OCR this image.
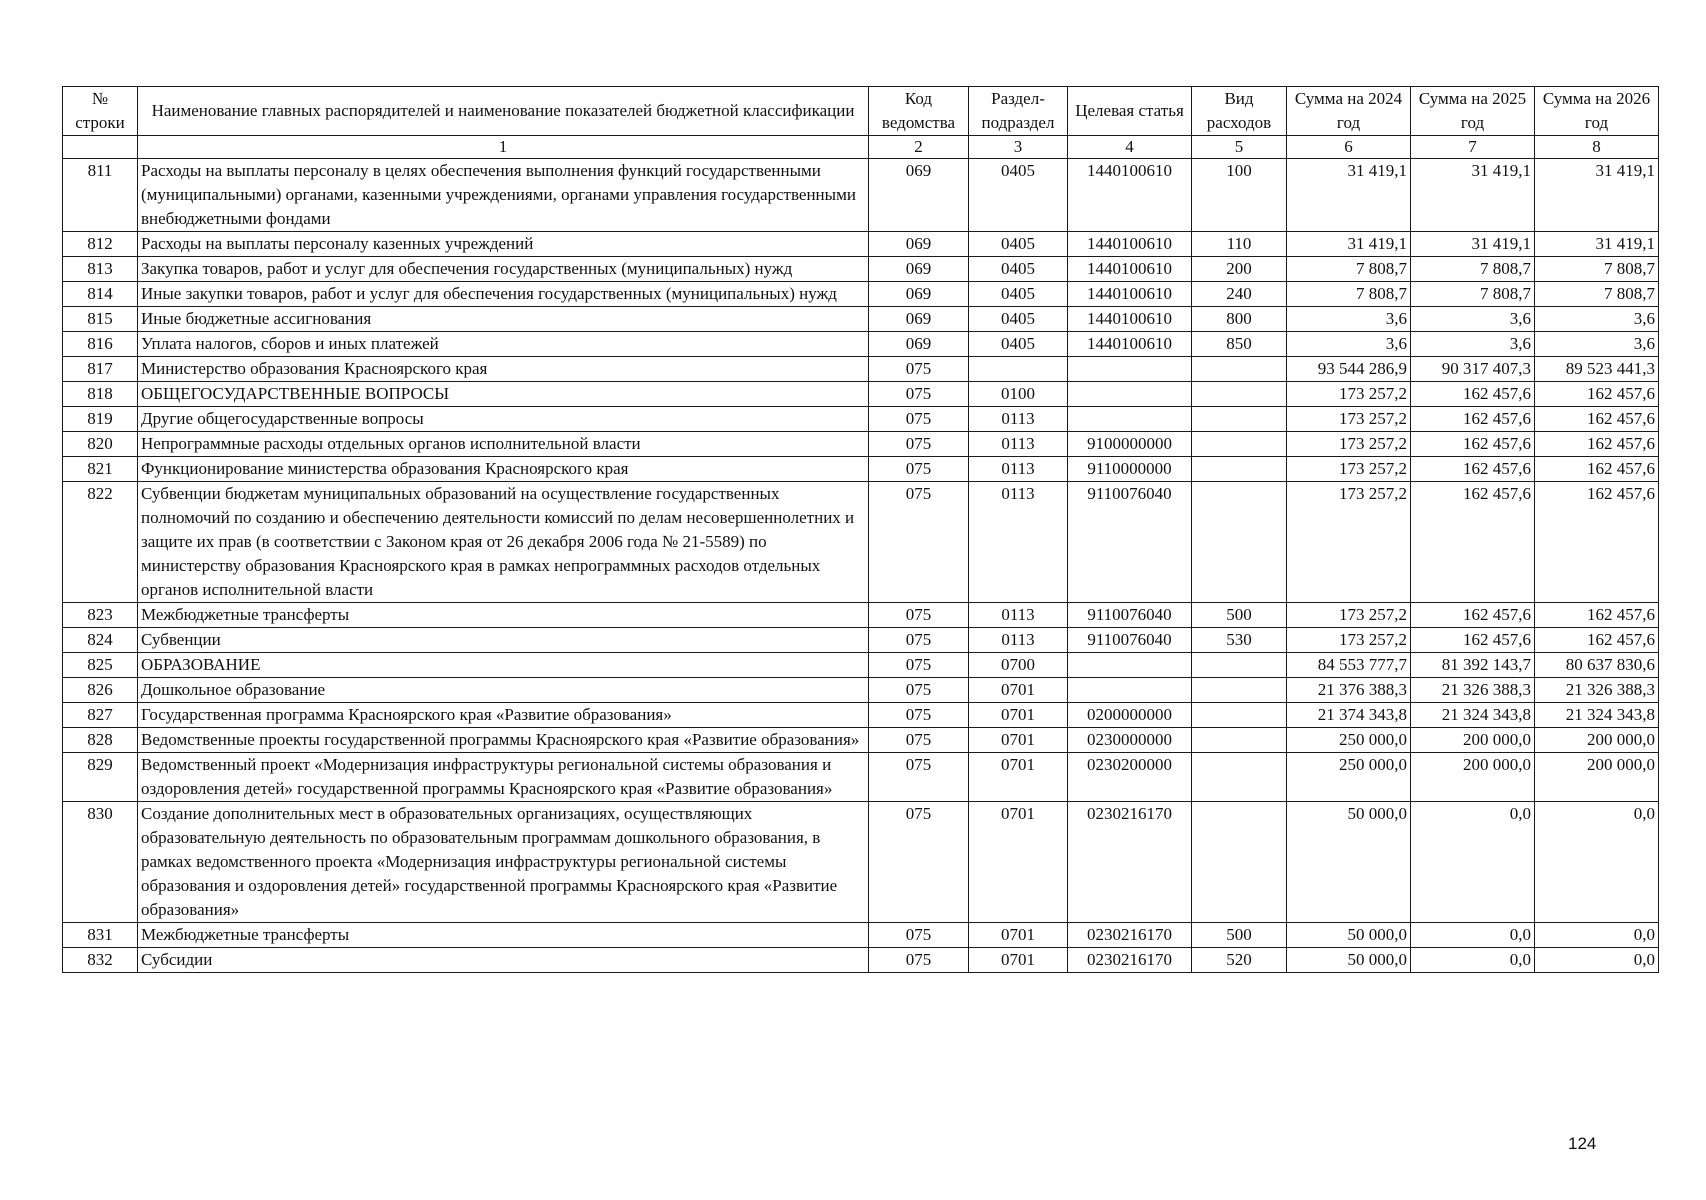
№ строки	Наименование главных распорядителей и наименование показателей бюджетной классификации	Код ведомства	Раздел-подраздел	Целевая статья	Вид расходов	Сумма на 2024 год	Сумма на 2025 год	Сумма на 2026 год
	1	2	3	4	5	6	7	8
811	Расходы на выплаты персоналу в целях обеспечения выполнения функций государственными (муниципальными) органами, казенными учреждениями, органами управления государственными внебюджетными фондами	069	0405	1440100610	100	31 419,1	31 419,1	31 419,1
812	Расходы на выплаты персоналу казенных учреждений	069	0405	1440100610	110	31 419,1	31 419,1	31 419,1
813	Закупка товаров, работ и услуг для обеспечения государственных (муниципальных) нужд	069	0405	1440100610	200	7 808,7	7 808,7	7 808,7
814	Иные закупки товаров, работ и услуг для обеспечения государственных (муниципальных) нужд	069	0405	1440100610	240	7 808,7	7 808,7	7 808,7
815	Иные бюджетные ассигнования	069	0405	1440100610	800	3,6	3,6	3,6
816	Уплата налогов, сборов и иных платежей	069	0405	1440100610	850	3,6	3,6	3,6
817	Министерство образования Красноярского края	075				93 544 286,9	90 317 407,3	89 523 441,3
818	ОБЩЕГОСУДАРСТВЕННЫЕ ВОПРОСЫ	075	0100			173 257,2	162 457,6	162 457,6
819	Другие общегосударственные вопросы	075	0113			173 257,2	162 457,6	162 457,6
820	Непрограммные расходы отдельных органов исполнительной власти	075	0113	9100000000		173 257,2	162 457,6	162 457,6
821	Функционирование министерства образования Красноярского края	075	0113	9110000000		173 257,2	162 457,6	162 457,6
822	Субвенции бюджетам муниципальных образований на осуществление государственных полномочий по созданию и обеспечению деятельности комиссий по делам несовершеннолетних и защите их прав (в соответствии с Законом края от 26 декабря 2006 года № 21-5589) по министерству образования Красноярского края в рамках непрограммных расходов отдельных органов исполнительной власти	075	0113	9110076040		173 257,2	162 457,6	162 457,6
823	Межбюджетные трансферты	075	0113	9110076040	500	173 257,2	162 457,6	162 457,6
824	Субвенции	075	0113	9110076040	530	173 257,2	162 457,6	162 457,6
825	ОБРАЗОВАНИЕ	075	0700			84 553 777,7	81 392 143,7	80 637 830,6
826	Дошкольное образование	075	0701			21 376 388,3	21 326 388,3	21 326 388,3
827	Государственная программа Красноярского края «Развитие образования»	075	0701	0200000000		21 374 343,8	21 324 343,8	21 324 343,8
828	Ведомственные проекты государственной программы Красноярского края «Развитие образования»	075	0701	0230000000		250 000,0	200 000,0	200 000,0
829	Ведомственный проект «Модернизация инфраструктуры региональной системы образования и оздоровления детей» государственной программы Красноярского края «Развитие образования»	075	0701	0230200000		250 000,0	200 000,0	200 000,0
830	Создание дополнительных мест в образовательных организациях, осуществляющих образовательную деятельность по образовательным программам дошкольного образования, в рамках ведомственного проекта «Модернизация инфраструктуры региональной системы образования и оздоровления детей» государственной программы Красноярского края «Развитие образования»	075	0701	0230216170		50 000,0	0,0	0,0
831	Межбюджетные трансферты	075	0701	0230216170	500	50 000,0	0,0	0,0
832	Субсидии	075	0701	0230216170	520	50 000,0	0,0	0,0
124
